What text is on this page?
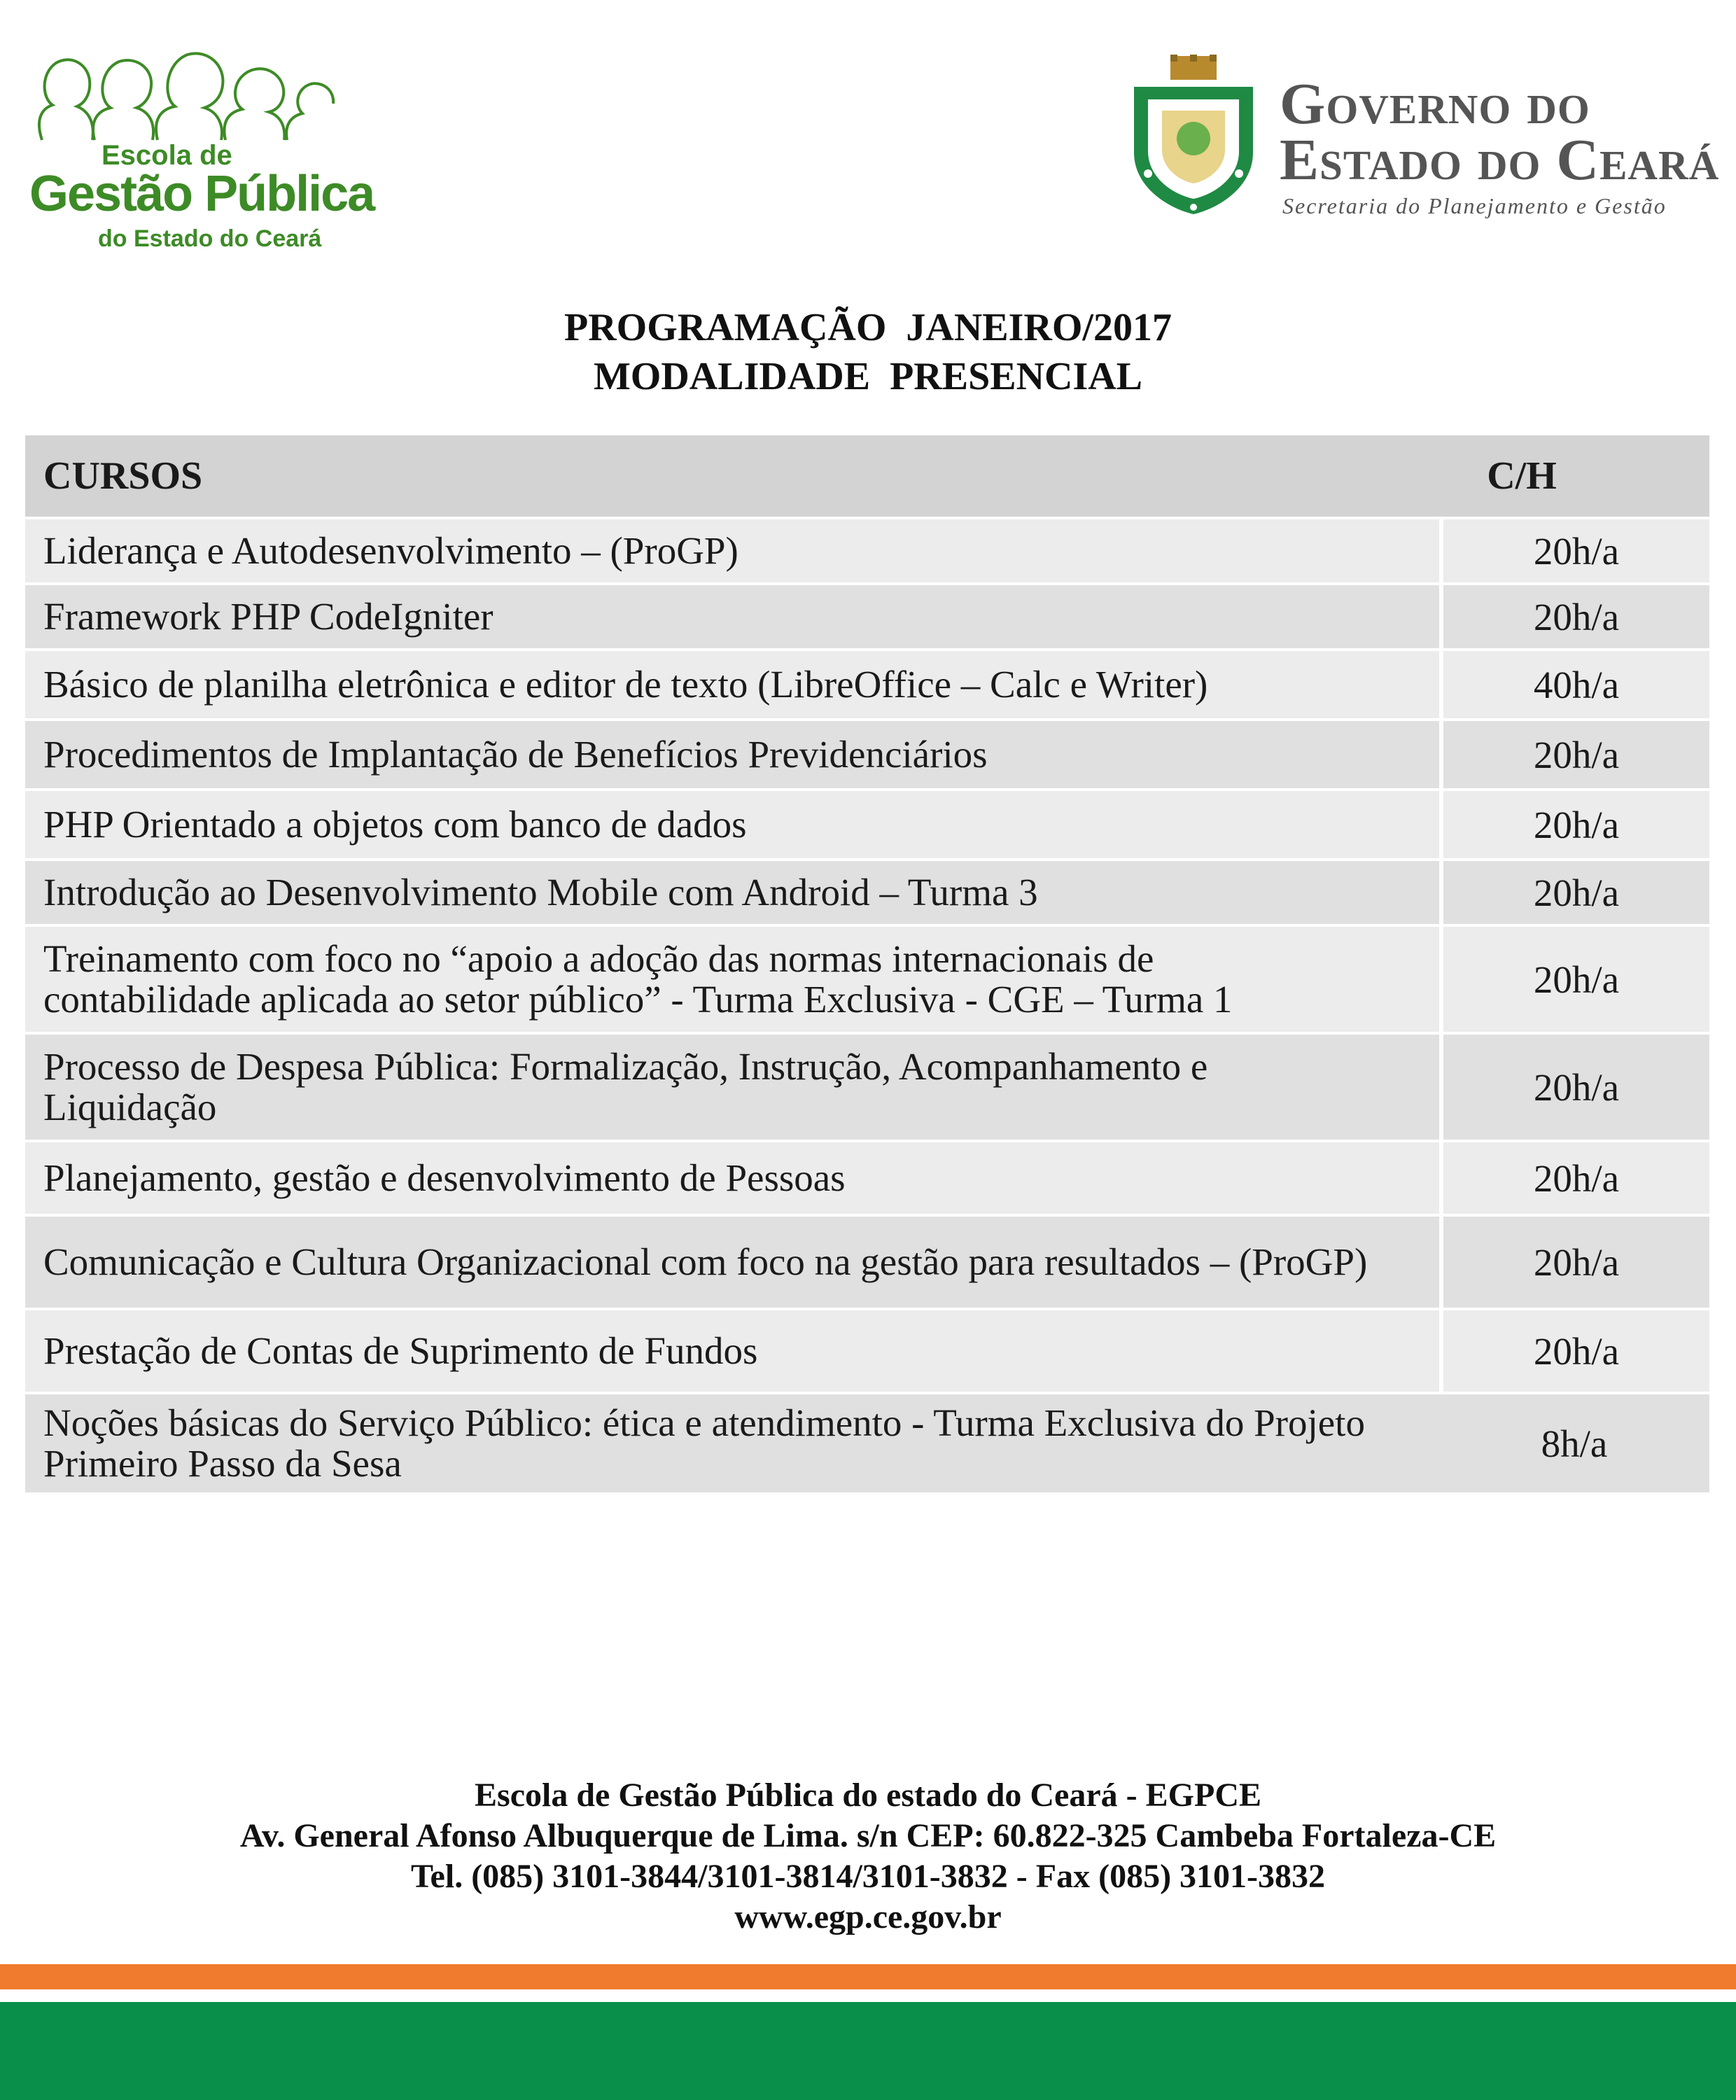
Escola de
Gestão Pública
do Estado do Ceará
Governo do
Estado do Ceará
Secretaria do Planejamento e Gestão
PROGRAMAÇÃO  JANEIRO/2017
MODALIDADE  PRESENCIAL
CURSOS	C/H
Liderança e Autodesenvolvimento – (ProGP)	20h/a
Framework PHP CodeIgniter	20h/a
Básico de planilha eletrônica e editor de texto (LibreOffice – Calc e Writer)	40h/a
Procedimentos de Implantação de Benefícios Previdenciários	20h/a
PHP Orientado a objetos com banco de dados	20h/a
Introdução ao Desenvolvimento Mobile com Android – Turma 3	20h/a
Treinamento com foco no “apoio a adoção das normas internacionais de contabilidade aplicada ao setor público” - Turma Exclusiva - CGE – Turma 1	20h/a
Processo de Despesa Pública: Formalização, Instrução, Acompanhamento e Liquidação	20h/a
Planejamento, gestão e desenvolvimento de Pessoas	20h/a
Comunicação e Cultura Organizacional com foco na gestão para resultados – (ProGP)	20h/a
Prestação de Contas de Suprimento de Fundos	20h/a
Noções básicas do Serviço Público: ética e atendimento - Turma Exclusiva do Projeto Primeiro Passo da Sesa	8h/a
Escola de Gestão Pública do estado do Ceará - EGPCE
Av. General Afonso Albuquerque de Lima. s/n CEP: 60.822-325 Cambeba Fortaleza-CE
Tel. (085) 3101-3844/3101-3814/3101-3832 - Fax (085) 3101-3832
www.egp.ce.gov.br
